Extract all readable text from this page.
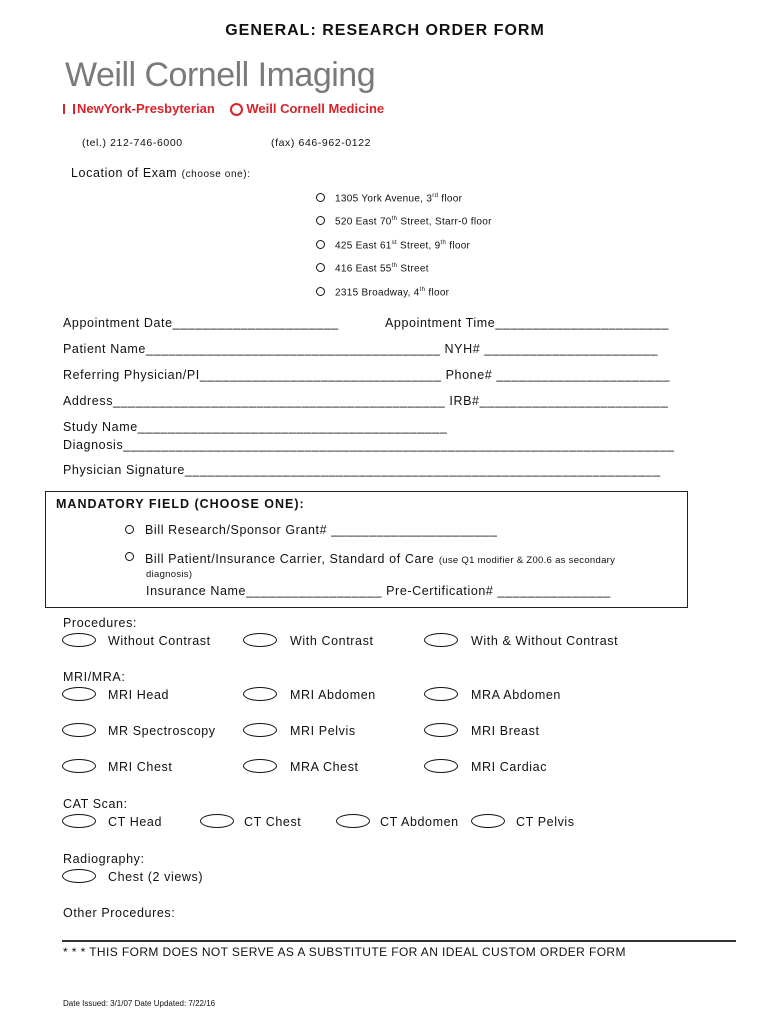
GENERAL: RESEARCH ORDER FORM
Weill Cornell Imaging
NewYork-Presbyterian Weill Cornell Medicine
(tel.) 212-746-6000	(fax) 646-962-0122
Location of Exam (choose one):
1305 York Avenue, 3rd floor
520 East 70th Street, Starr-0 floor
425 East 61st Street, 9th floor
416 East 55th Street
2315 Broadway, 4th floor
Appointment Date______________________	Appointment Time_______________________
Patient Name_______________________________________ NYH# _______________________
Referring Physician/PI________________________________ Phone# _______________________
Address____________________________________________ IRB#_________________________
Study Name_________________________________________
Diagnosis_________________________________________________________________________
Physician Signature_______________________________________________________________
MANDATORY FIELD (CHOOSE ONE):
Bill Research/Sponsor Grant# ______________________
Bill Patient/Insurance Carrier, Standard of Care (use Q1 modifier & Z00.6 as secondary
diagnosis)
Insurance Name__________________ Pre-Certification# _______________
Procedures:
Without Contrast	With Contrast	With & Without Contrast
MRI/MRA:
MRI Head	MRI Abdomen	MRA Abdomen
MR Spectroscopy	MRI Pelvis	MRI Breast
MRI Chest	MRA Chest	MRI Cardiac
CAT Scan:
CT Head	CT Chest	CT Abdomen	CT Pelvis
Radiography:
Chest (2 views)
Other Procedures:
* * * THIS FORM DOES NOT SERVE AS A SUBSTITUTE FOR AN IDEAL CUSTOM ORDER FORM
Date Issued: 3/1/07 Date Updated: 7/22/16
